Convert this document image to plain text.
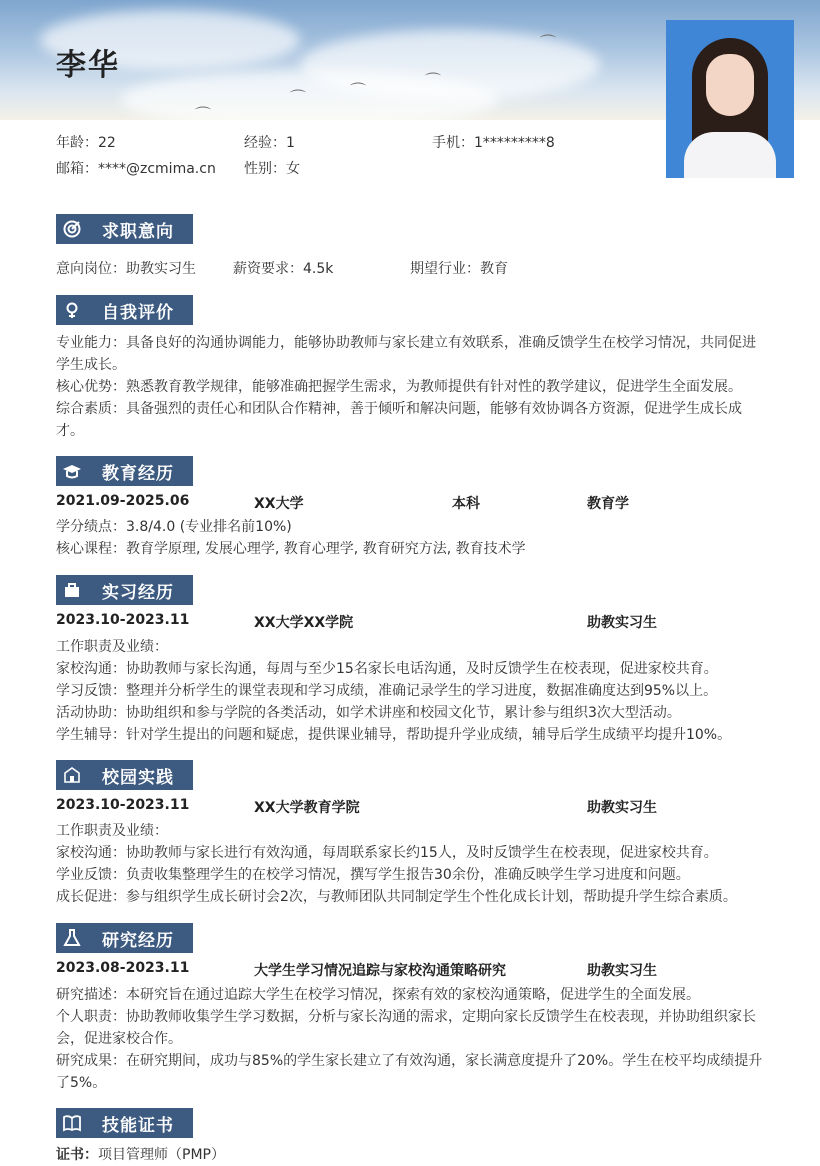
⌒
⌒
⌒	⌒
⌒
李华
年龄：22	经验：1	手机：1*********8
邮箱：****@zcmima.cn 性别：女
求职意向
意向岗位：助教实习生	薪资要求：4.5k	期望行业：教育
自我评价
专业能力：具备良好的沟通协调能力，能够协助教师与家长建立有效联系，准确反馈学生在校学习情况，共同促进学生成长。
核心优势：熟悉教育教学规律，能够准确把握学生需求，为教师提供有针对性的教学建议，促进学生全面发展。
综合素质：具备强烈的责任心和团队合作精神，善于倾听和解决问题，能够有效协调各方资源，促进学生成长成才。
教育经历
2021.09-2025.06	XX大学	本科	教育学
学分绩点：3.8/4.0 (专业排名前10%)
核心课程：教育学原理, 发展心理学, 教育心理学, 教育研究方法, 教育技术学
实习经历
2023.10-2023.11	XX大学XX学院	助教实习生
工作职责及业绩：
家校沟通：协助教师与家长沟通，每周与至少15名家长电话沟通，及时反馈学生在校表现，促进家校共育。
学习反馈：整理并分析学生的课堂表现和学习成绩，准确记录学生的学习进度，数据准确度达到95%以上。
活动协助：协助组织和参与学院的各类活动，如学术讲座和校园文化节，累计参与组织3次大型活动。
学生辅导：针对学生提出的问题和疑虑，提供课业辅导，帮助提升学业成绩，辅导后学生成绩平均提升10%。
校园实践
2023.10-2023.11	XX大学教育学院	助教实习生
工作职责及业绩：
家校沟通：协助教师与家长进行有效沟通，每周联系家长约15人，及时反馈学生在校表现，促进家校共育。
学业反馈：负责收集整理学生的在校学习情况，撰写学生报告30余份，准确反映学生学习进度和问题。
成长促进：参与组织学生成长研讨会2次，与教师团队共同制定学生个性化成长计划，帮助提升学生综合素质。
研究经历
2023.08-2023.11	大学生学习情况追踪与家校沟通策略研究	助教实习生
研究描述：本研究旨在通过追踪大学生在校学习情况，探索有效的家校沟通策略，促进学生的全面发展。
个人职责：协助教师收集学生学习数据，分析与家长沟通的需求，定期向家长反馈学生在校表现，并协助组织家长会，促进家校合作。
研究成果：在研究期间，成功与85%的学生家长建立了有效沟通，家长满意度提升了20%。学生在校平均成绩提升了5%。
技能证书
证书：项目管理师（PMP）
